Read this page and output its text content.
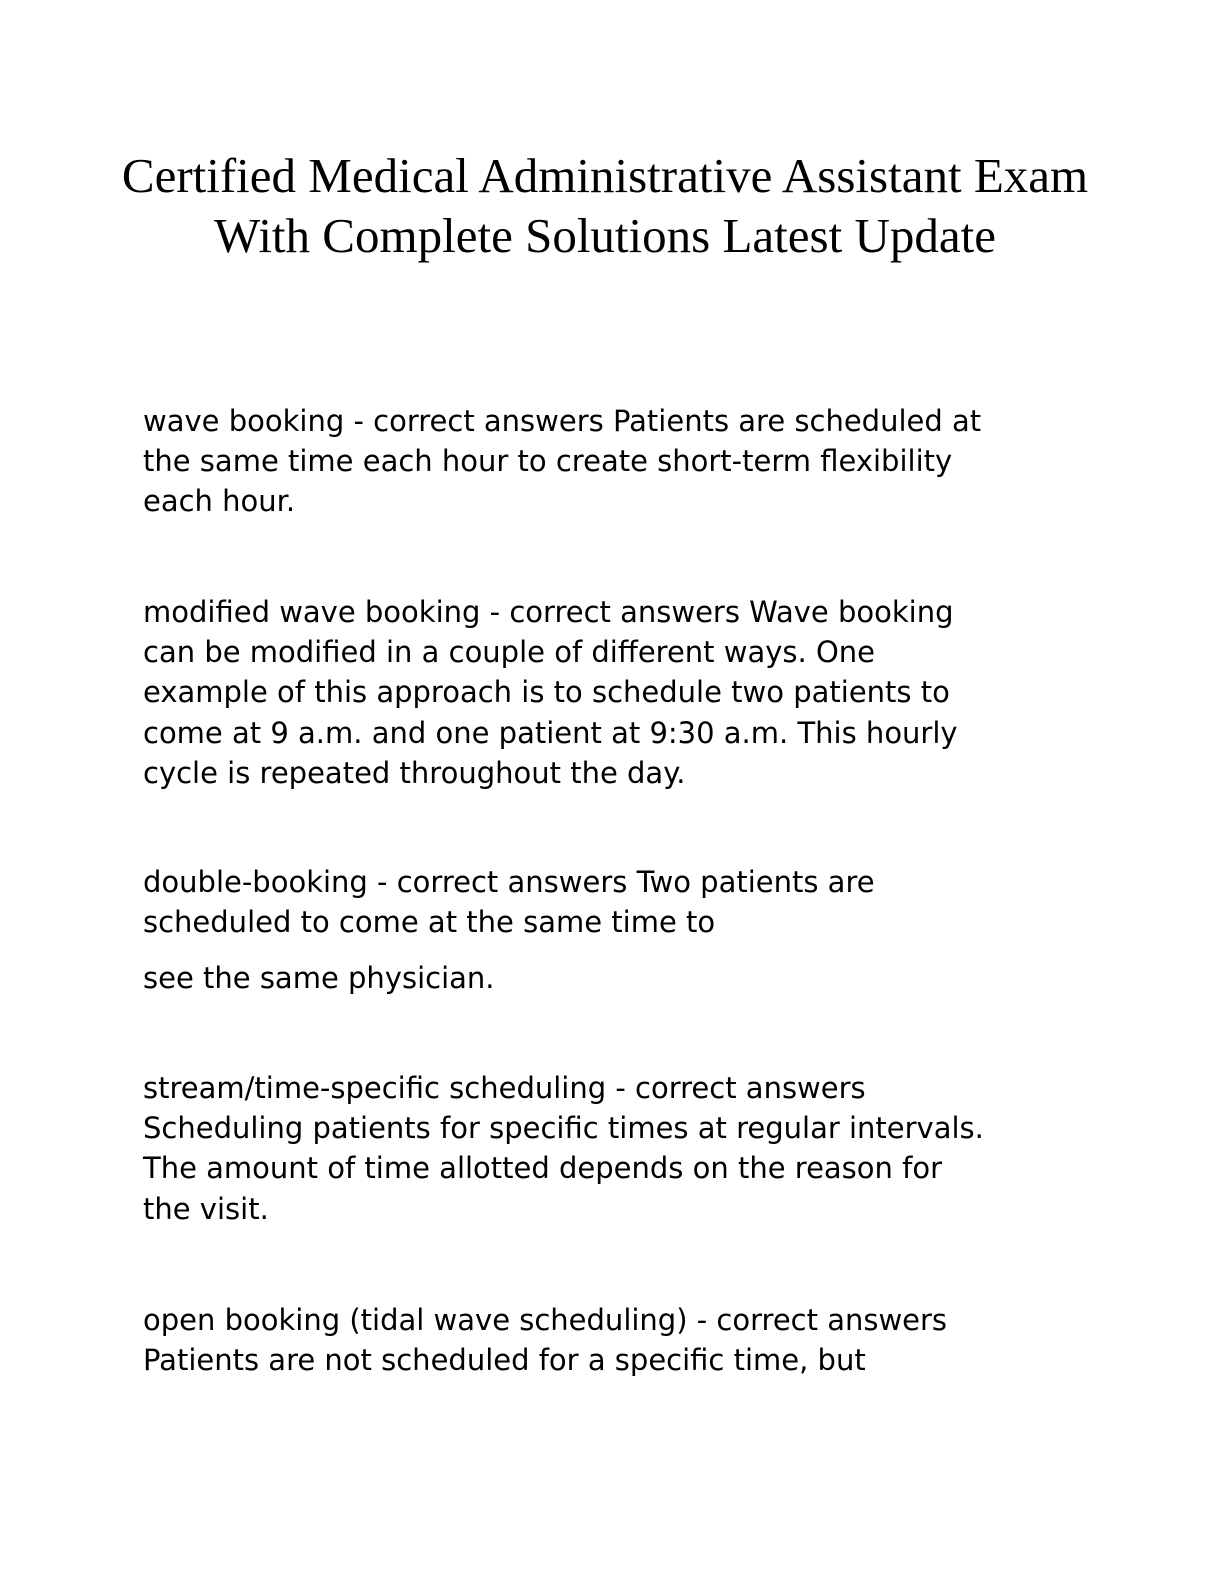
Certified Medical Administrative Assistant Exam With Complete Solutions Latest Update

wave booking - correct answers Patients are scheduled at
the same time each hour to create short-term flexibility
each hour.

modified wave booking - correct answers Wave booking
can be modified in a couple of different ways. One
example of this approach is to schedule two patients to
come at 9 a.m. and one patient at 9:30 a.m. This hourly
cycle is repeated throughout the day.

double-booking - correct answers Two patients are
scheduled to come at the same time to

see the same physician.

stream/time-specific scheduling - correct answers
Scheduling patients for specific times at regular intervals.
The amount of time allotted depends on the reason for
the visit.

open booking (tidal wave scheduling) - correct answers
Patients are not scheduled for a specific time, but
